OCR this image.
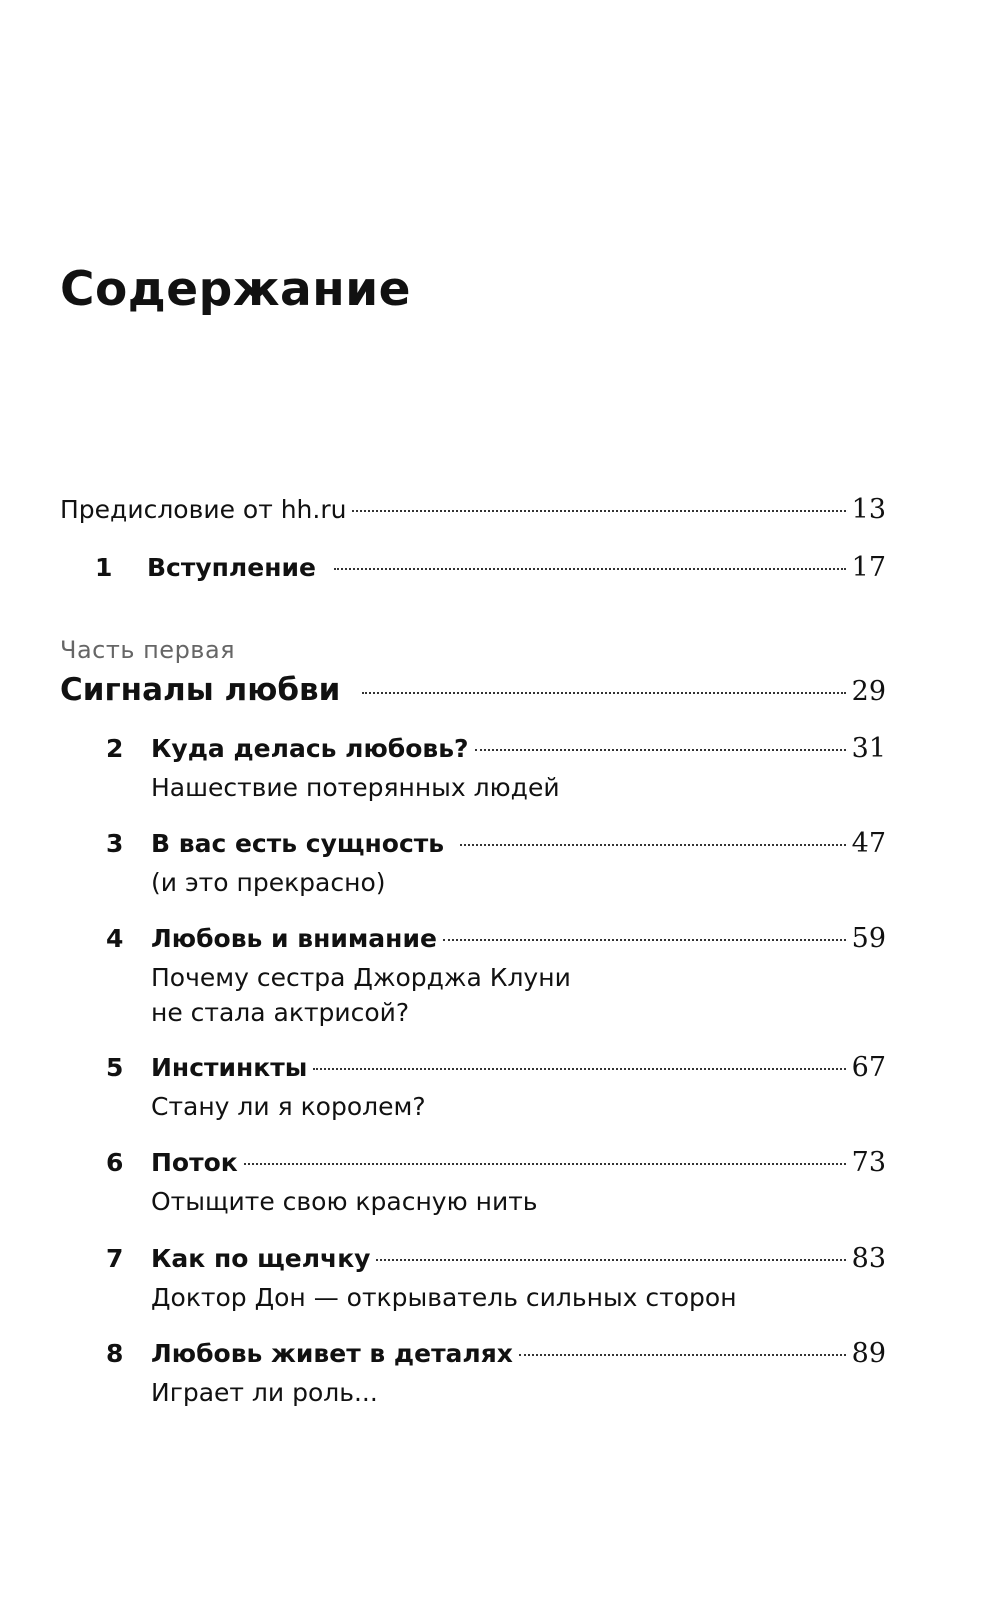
Содержание
Предисловие от hh.ru	13
1	Вступление	17
Часть первая
Сигналы любви	29
2	Куда делась любовь?	31
Нашествие потерянных людей
3	В вас есть сущность	47
(и это прекрасно)
4	Любовь и внимание	59
Почему сестра Джорджа Клуни
не стала актрисой?
5	Инстинкты	67
Стану ли я королем?
6	Поток	73
Отыщите свою красную нить
7	Как по щелчку	83
Доктор Дон — открыватель сильных сторон
8	Любовь живет в деталях	89
Играет ли роль...
